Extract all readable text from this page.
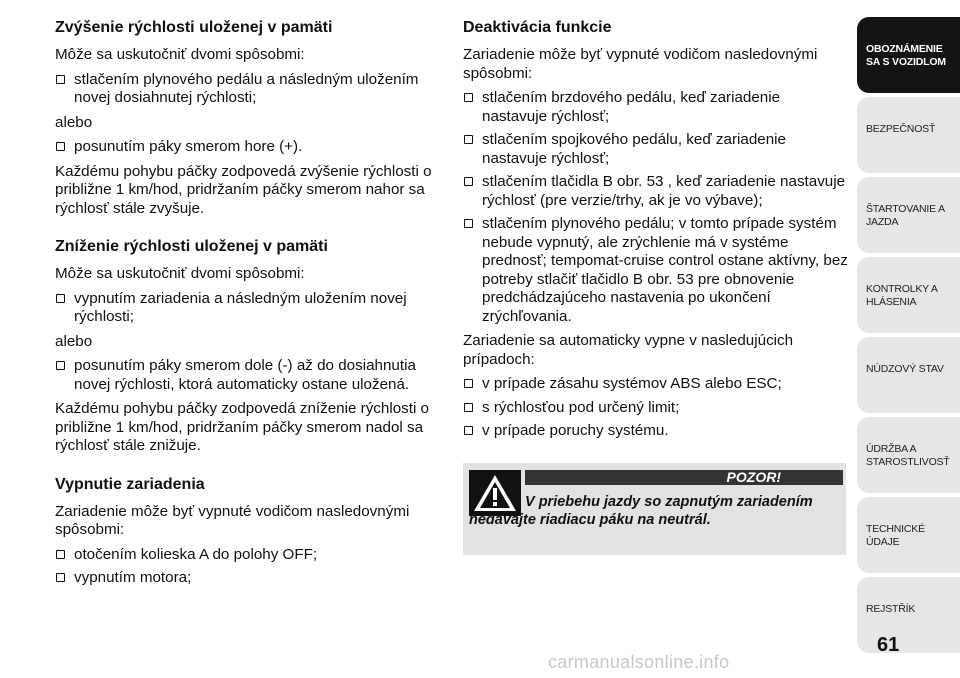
Zvýšenie rýchlosti uloženej v pamäti

Môže sa uskutočniť dvomi spôsobmi:

stlačením plynového pedálu a následným uložením novej dosiahnutej rýchlosti;

alebo

posunutím páky smerom hore (+).

Každému pohybu páčky zodpovedá zvýšenie rýchlosti o približne 1 km/hod, pridržaním páčky smerom nahor sa rýchlosť stále zvyšuje.

Zníženie rýchlosti uloženej v pamäti

Môže sa uskutočniť dvomi spôsobmi:

vypnutím zariadenia a následným uložením novej rýchlosti;

alebo

posunutím páky smerom dole (-) až do dosiahnutia novej rýchlosti, ktorá automaticky ostane uložená.

Každému pohybu páčky zodpovedá zníženie rýchlosti o približne 1 km/hod, pridržaním páčky smerom nadol sa rýchlosť stále znižuje.

Vypnutie zariadenia

Zariadenie môže byť vypnuté vodičom nasledovnými spôsobmi:

otočením kolieska A do polohy OFF;
vypnutím motora;
Deaktivácia funkcie

Zariadenie môže byť vypnuté vodičom nasledovnými spôsobmi:

stlačením brzdového pedálu, keď zariadenie nastavuje rýchlosť;
stlačením spojkového pedálu, keď zariadenie nastavuje rýchlosť;
stlačením tlačidla B obr. 53 , keď zariadenie nastavuje rýchlosť (pre verzie/trhy, ak je vo výbave);
stlačením plynového pedálu; v tomto prípade systém nebude vypnutý, ale zrýchlenie má v systéme prednosť; tempomat-cruise control ostane aktívny, bez potreby stlačiť tlačidlo B obr. 53 pre obnovenie predchádzajúceho nastavenia po ukončení zrýchľovania.

Zariadenie sa automaticky vypne v nasledujúcich prípadoch:

v prípade zásahu systémov ABS alebo ESC;
s rýchlosťou pod určený limit;
v prípade poruchy systému.
POZOR!
V priebehu jazdy so zapnutým zariadením nedávajte riadiacu páku na neutrál.
OBOZNÁMENIE SA S VOZIDLOM
BEZPEČNOSŤ
ŠTARTOVANIE A JAZDA
KONTROLKY A HLÁSENIA
NÚDZOVÝ STAV
ÚDRŽBA A STAROSTLIVOSŤ
TECHNICKÉ ÚDAJE
REJSTŘÍK
61
carmanualsonline.info
